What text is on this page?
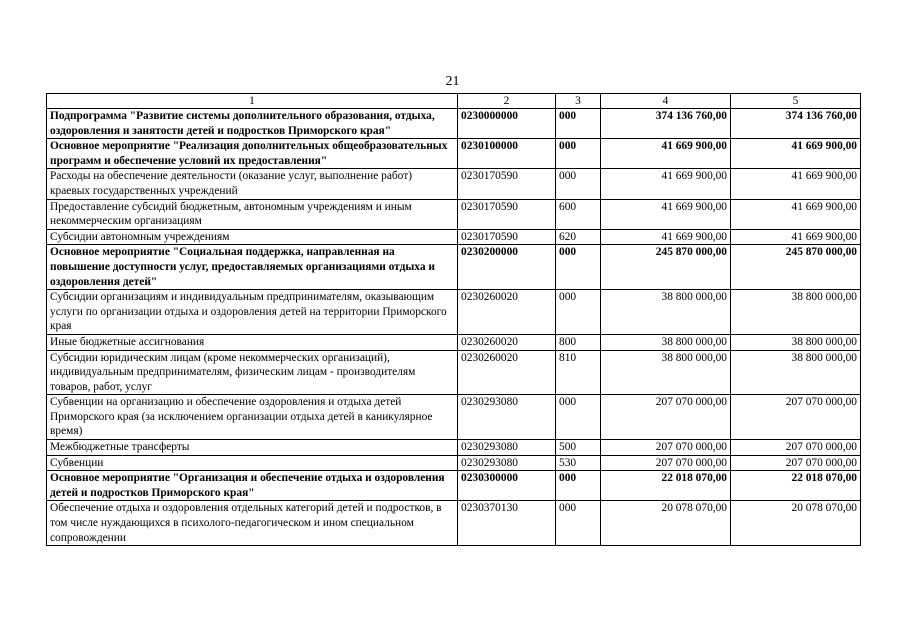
21
1	2	3	4	5
Подпрограмма "Развитие системы дополнительного образования, отдыха, оздоровления и занятости детей и подростков Приморского края"	0230000000	000	374 136 760,00	374 136 760,00
Основное мероприятие "Реализация дополнительных общеобразовательных программ и обеспечение условий их предоставления"	0230100000	000	41 669 900,00	41 669 900,00
Расходы на обеспечение деятельности (оказание услуг, выполнение работ) краевых государственных учреждений	0230170590	000	41 669 900,00	41 669 900,00
Предоставление субсидий бюджетным, автономным учреждениям и иным некоммерческим организациям	0230170590	600	41 669 900,00	41 669 900,00
Субсидии автономным учреждениям	0230170590	620	41 669 900,00	41 669 900,00
Основное мероприятие "Социальная поддержка, направленная на повышение доступности услуг, предоставляемых организациями отдыха и оздоровления детей"	0230200000	000	245 870 000,00	245 870 000,00
Субсидии организациям и индивидуальным предпринимателям, оказывающим услуги по организации отдыха и оздоровления детей на территории Приморского края	0230260020	000	38 800 000,00	38 800 000,00
Иные бюджетные ассигнования	0230260020	800	38 800 000,00	38 800 000,00
Субсидии юридическим лицам (кроме некоммерческих организаций), индивидуальным предпринимателям, физическим лицам - производителям товаров, работ, услуг	0230260020	810	38 800 000,00	38 800 000,00
Субвенции на организацию и обеспечение оздоровления и отдыха детей Приморского края (за исключением организации отдыха детей в каникулярное время)	0230293080	000	207 070 000,00	207 070 000,00
Межбюджетные трансферты	0230293080	500	207 070 000,00	207 070 000,00
Субвенции	0230293080	530	207 070 000,00	207 070 000,00
Основное мероприятие "Организация и обеспечение отдыха и оздоровления детей и подростков Приморского края"	0230300000	000	22 018 070,00	22 018 070,00
Обеспечение отдыха и оздоровления отдельных категорий детей и подростков, в том числе нуждающихся в психолого-педагогическом и ином специальном сопровождении	0230370130	000	20 078 070,00	20 078 070,00
